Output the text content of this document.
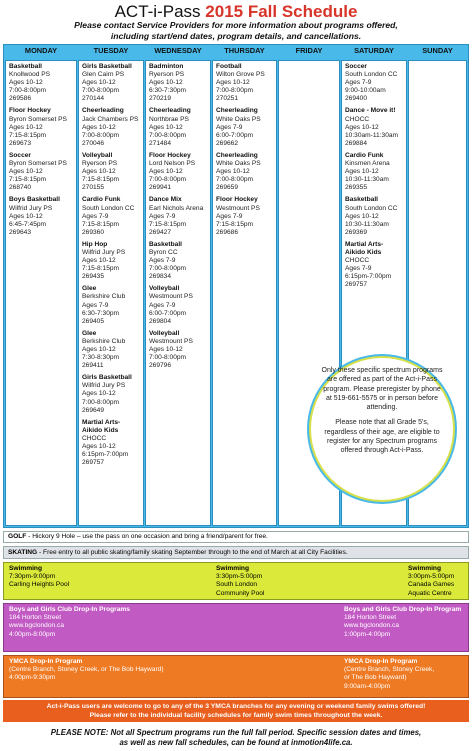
ACT-i-Pass 2015 Fall Schedule
Please contact Service Providers for more information about programs offered,
including start/end dates, program details, and cancellations.
MONDAY
Basketball
Knollwood PS
Ages 10-12
7:00-8:00pm
269586
Floor Hockey
Byron Somerset PS
Ages 10-12
7:15-8:15pm
269673
Soccer
Byron Somerset PS
Ages 10-12
7:15-8:15pm
268740
Boys Basketball
Wilfrid Jury PS
Ages 10-12
6:45-7:45pm
269643
TUESDAY
Girls Basketball
Glen Cairn PS
Ages 10-12
7:00-8:00pm
270144
Cheerleading
Jack Chambers PS
Ages 10-12
7:00-8:00pm
270046
Volleyball
Ryerson PS
Ages 10-12
7:15-8:15pm
270155
Cardio Funk
South London CC
Ages 7-9
7:15-8:15pm
269360
Hip Hop
Wilfrid Jury PS
Ages 10-12
7:15-8:15pm
269435
Glee
Berkshire Club
Ages 7-9
6:30-7:30pm
269405
Glee
Berkshire Club
Ages 10-12
7:30-8:30pm
269411
Girls Basketball
Wilfrid Jury PS
Ages 10-12
7:00-8:00pm
269649
Martial Arts-Aikido Kids
CHOCC
Ages 10-12
6:15pm-7:00pm
269757
WEDNESDAY
Badminton
Ryerson PS
Ages 10-12
6:30-7:30pm
270219
Cheerleading
Northbrae PS
Ages 10-12
7:00-8:00pm
271484
Floor Hockey
Lord Nelson PS
Ages 10-12
7:00-8:00pm
269941
Dance Mix
Earl Nichols Arena
Ages 7-9
7:15-8:15pm
269427
Basketball
Byron CC
Ages 7-9
7:00-8:00pm
269834
Volleyball
Westmount PS
Ages 7-9
6:00-7:00pm
269804
Volleyball
Westmount PS
Ages 10-12
7:00-8:00pm
269796
THURSDAY
Football
Wilton Grove PS
Ages 10-12
7:00-8:00pm
270251
Cheerleading
White Oaks PS
Ages 7-9
6:00-7:00pm
269662
Cheerleading
White Oaks PS
Ages 10-12
7:00-8:00pm
269659
Floor Hockey
Westmount PS
Ages 7-9
7:15-8:15pm
269686
FRIDAY	SATURDAY
Soccer
South London CC
Ages 7-9
9:00-10:00am
269400
Dance - Move it!
CHOCC
Ages 10-12
10:30am-11:30am
269884
Cardio Funk
Kinsmen Arena
Ages 10-12
10:30-11:30am
269355
Basketball
South London CC
Ages 10-12
10:30-11:30am
269369
Martial Arts-Aikido Kids
CHOCC
Ages 7-9
6:15pm-7:00pm
269757
SUNDAY

Only these specific spectrum programs are offered as part of the Act-i-Pass program. Please preregister by phone at 519-661-5575 or in person before attending.

Please note that all Grade 5's, regardless of their age, are eligible to register for any Spectrum programs offered through Act-i-Pass.

GOLF - Hickory 9 Hole – use the pass on one occasion and bring a friend/parent for free.
SKATING - Free entry to all public skating/family skating September through to the end of March at all City Facilities.
Swimming
7:30pm-9:00pm
Carling Heights Pool
Swimming
3:30pm-5:00pm
South London
Community Pool
Swimming
3:00pm-5:00pm
Canada Games
Aquatic Centre
Boys and Girls Club Drop-In Programs
184 Horton Street
www.bgclondon.ca
4:00pm-8:00pm
Boys and Girls Club Drop-In Program
184 Horton Street
www.bgclondon.ca
1:00pm-4:00pm
YMCA Drop-In Program
(Centre Branch, Stoney Creek, or The Bob Hayward)
4:00pm-9:30pm
YMCA Drop-In Program
(Centre Branch, Stoney Creek,
or The Bob Hayward)
9:00am-4:00pm
Act-i-Pass users are welcome to go to any of the 3 YMCA branches for any evening or weekend family swims offered!
Please refer to the individual facility schedules for family swim times throughout the week.
PLEASE NOTE: Not all Spectrum programs run the full fall period. Specific session dates and times,
as well as new fall schedules, can be found at inmotion4life.ca.
